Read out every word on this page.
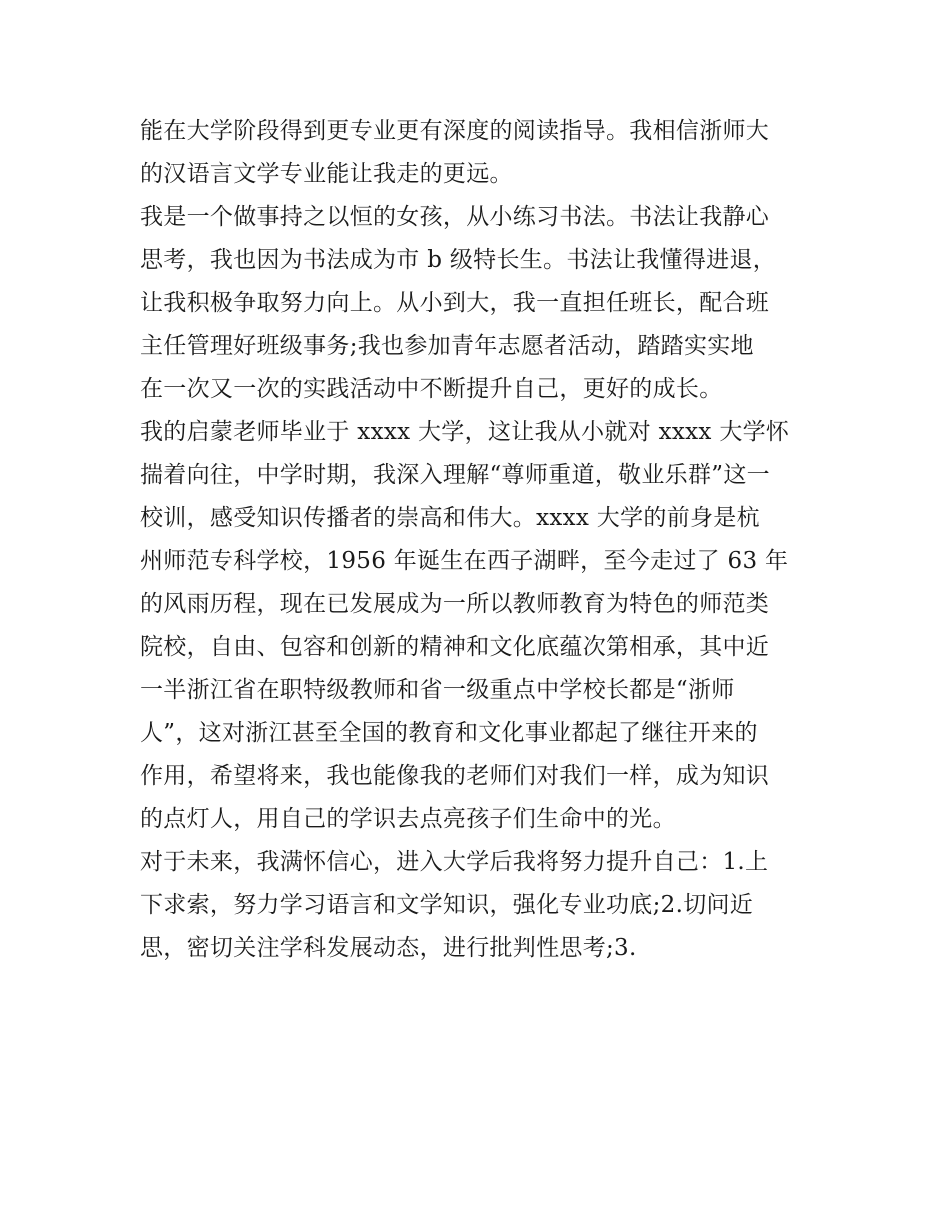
能在大学阶段得到更专业更有深度的阅读指导。我相信浙师大
的汉语言文学专业能让我走的更远。
我是一个做事持之以恒的女孩，从小练习书法。书法让我静心
思考，我也因为书法成为市 b 级特长生。书法让我懂得进退，
让我积极争取努力向上。从小到大，我一直担任班长，配合班
主任管理好班级事务;我也参加青年志愿者活动，踏踏实实地
在一次又一次的实践活动中不断提升自己，更好的成长。
我的启蒙老师毕业于 xxxx 大学，这让我从小就对 xxxx 大学怀
揣着向往，中学时期，我深入理解“尊师重道，敬业乐群”这一
校训，感受知识传播者的崇高和伟大。xxxx 大学的前身是杭
州师范专科学校，1956 年诞生在西子湖畔，至今走过了 63 年
的风雨历程，现在已发展成为一所以教师教育为特色的师范类
院校，自由、包容和创新的精神和文化底蕴次第相承，其中近
一半浙江省在职特级教师和省一级重点中学校长都是“浙师
人”，这对浙江甚至全国的教育和文化事业都起了继往开来的
作用，希望将来，我也能像我的老师们对我们一样，成为知识
的点灯人，用自己的学识去点亮孩子们生命中的光。
对于未来，我满怀信心，进入大学后我将努力提升自己：1.上
下求索，努力学习语言和文学知识，强化专业功底;2.切问近
思，密切关注学科发展动态，进行批判性思考;3.
